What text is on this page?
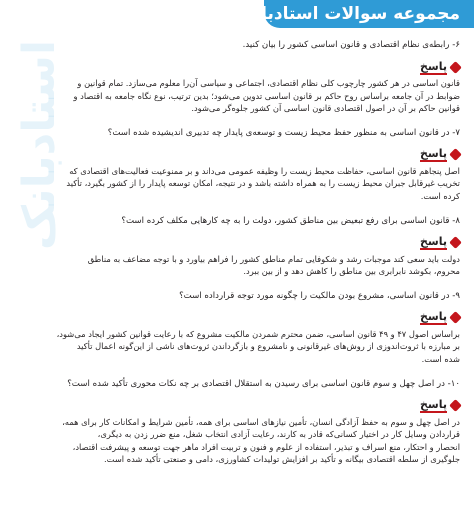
مجموعه سوالات استادبانک
استادبانک	۶- رابطه‌ی نظام اقتصادی و قانون اساسی کشور را بیان کنید.

پاسخ

قانون اساسی در هر کشور چارچوب کلی نظام اقتصادی، اجتماعی و سیاسی آن‌را معلوم می‌سازد. تمام قوانین و
ضوابط در آن جامعه براساس روح حاکم بر قانون اساسی تدوین می‌شود؛ بدین ترتیب، نوع نگاه جامعه به اقتصاد و
قوانین حاکم بر آن در اصول اقتصادی قانون اساسی آن کشور جلوه‌گر می‌شود.

۷- در قانون اساسی به منظور حفظ محیط زیست و توسعه‌ی پایدار چه تدبیری اندیشیده شده است؟

پاسخ

اصل پنجاهم قانون اساسی، حفاظت محیط زیست را وظیفه عمومی می‌داند و بر ممنوعیت فعالیت‌های اقتصادی که
تخریب غیرقابل جبران محیط زیست را به همراه داشته باشد و در نتیجه، امکان توسعه پایدار را از کشور بگیرد، تأکید
کرده است.

۸- قانون اساسی برای رفع تبعیض بین مناطق کشور، دولت را به چه کارهایی مکلف کرده است؟

پاسخ

دولت باید سعی کند موجبات رشد و شکوفایی تمام مناطق کشور را فراهم بیاورد و با توجه مضاعف به مناطق
محروم، بکوشد نابرابری بین مناطق را کاهش دهد و از بین ببرد.

۹- در قانون اساسی، مشروع بودن مالکیت را چگونه مورد توجه قرارداده است؟

پاسخ

براساس اصول ۴۷ و ۴۹ قانون اساسی، ضمن محترم شمردن مالکیت مشروع که با رعایت قوانین کشور ایجاد می‌شود،
بر مبارزه با ثروت‌اندوزی از روش‌های غیرقانونی و نامشروع و بازگرداندن ثروت‌های ناشی از این‌گونه اعمال تأکید
شده است.

۱۰- در اصل چهل و سوم قانون اساسی برای رسیدن به استقلال اقتصادی بر چه نکات محوری تأکید شده است؟

پاسخ

در اصل چهل و سوم به حفظ آزادگی انسان، تأمین نیازهای اساسی برای همه، تأمین شرایط و امکانات کار برای همه،
قراردادن وسایل کار در اختیار کسانی‌که قادر به کارند، رعایت آزادی انتخاب شغل، منع ضرر زدن به دیگری،
انحصار و احتکار، منع اسراف و تبذیر، استفاده از علوم و فنون و تربیت افراد ماهر جهت توسعه و پیشرفت اقتصاد،
جلوگیری از سلطه اقتصادی بیگانه و تأکید بر افزایش تولیدات کشاورزی، دامی و صنعتی تأکید شده است.
